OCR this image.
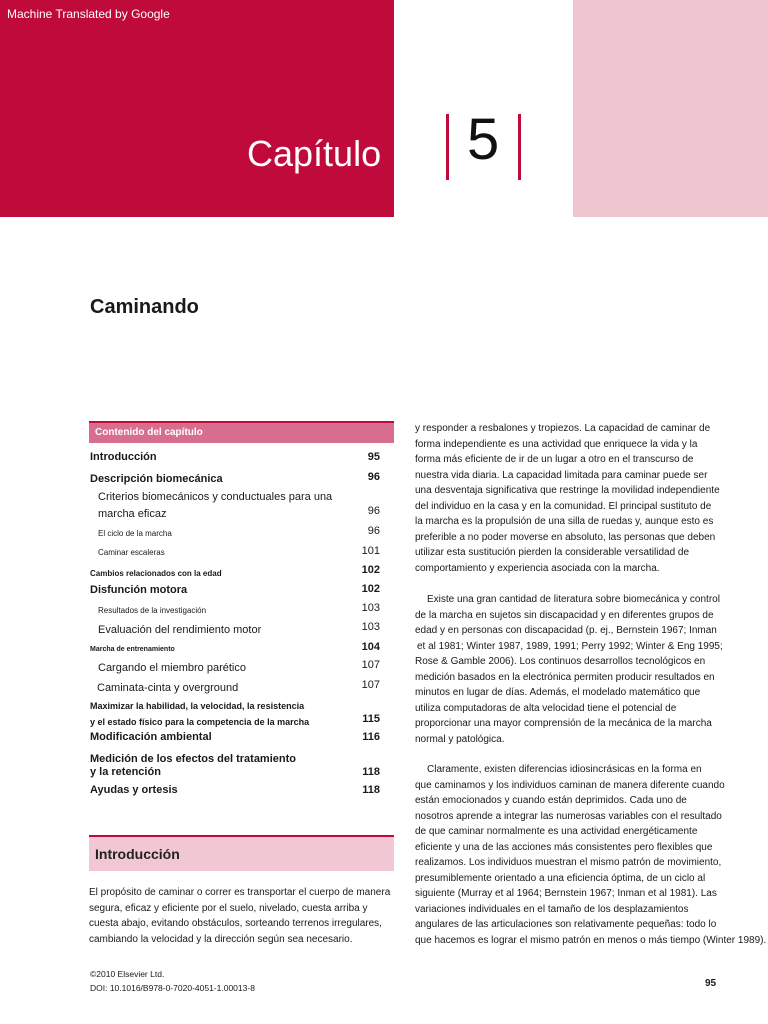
Machine Translated by Google
Capítulo 5
Caminando
Contenido del capítulo
Introducción	95
Descripción biomecánica	96
Criterios biomecánicos y conductuales para una
marcha eficaz	96
El ciclo de la marcha	96
Caminar escaleras	101
Cambios relacionados con la edad	102
Disfunción motora	102
Resultados de la investigación	103
Evaluación del rendimiento motor	103
Marcha de entrenamiento	104
Cargando el miembro parético	107
Caminata-cinta y overground	107
Maximizar la habilidad, la velocidad, la resistencia
y el estado físico para la competencia de la marcha	115
Modificación ambiental	116
Medición de los efectos del tratamiento
y la retención	118
Ayudas y ortesis	118
Introducción
El propósito de caminar o correr es transportar el cuerpo de manera
segura, eficaz y eficiente por el suelo, nivelado, cuesta arriba y
cuesta abajo, evitando obstáculos, sorteando terrenos irregulares,
cambiando la velocidad y la dirección según sea necesario.
y responder a resbalones y tropiezos. La capacidad de caminar de
forma independiente es una actividad que enriquece la vida y la
forma más eficiente de ir de un lugar a otro en el transcurso de
nuestra vida diaria. La capacidad limitada para caminar puede ser
una desventaja significativa que restringe la movilidad independiente
del individuo en la casa y en la comunidad. El principal sustituto de
la marcha es la propulsión de una silla de ruedas y, aunque esto es
preferible a no poder moverse en absoluto, las personas que deben
utilizar esta sustitución pierden la considerable versatilidad de
comportamiento y experiencia asociada con la marcha.
Existe una gran cantidad de literatura sobre biomecánica y control
de la marcha en sujetos sin discapacidad y en diferentes grupos de
edad y en personas con discapacidad (p. ej., Bernstein 1967; Inman
et al 1981; Winter 1987, 1989, 1991; Perry 1992; Winter & Eng 1995;
Rose & Gamble 2006). Los continuos desarrollos tecnológicos en
medición basados en la electrónica permiten producir resultados en
minutos en lugar de días. Además, el modelado matemático que
utiliza computadoras de alta velocidad tiene el potencial de
proporcionar una mayor comprensión de la mecánica de la marcha
normal y patológica.
Claramente, existen diferencias idiosincrásicas en la forma en
que caminamos y los individuos caminan de manera diferente cuando
están emocionados y cuando están deprimidos. Cada uno de
nosotros aprende a integrar las numerosas variables con el resultado
de que caminar normalmente es una actividad energéticamente
eficiente y una de las acciones más consistentes pero flexibles que
realizamos. Los individuos muestran el mismo patrón de movimiento,
presumiblemente orientado a una eficiencia óptima, de un ciclo al
siguiente (Murray et al 1964; Bernstein 1967; Inman et al 1981). Las
variaciones individuales en el tamaño de los desplazamientos
angulares de las articulaciones son relativamente pequeñas: todo lo
que hacemos es lograr el mismo patrón en menos o más tiempo (Winter 1989).
©2010 Elsevier Ltd.
DOI: 10.1016/B978-0-7020-4051-1.00013-8	95
